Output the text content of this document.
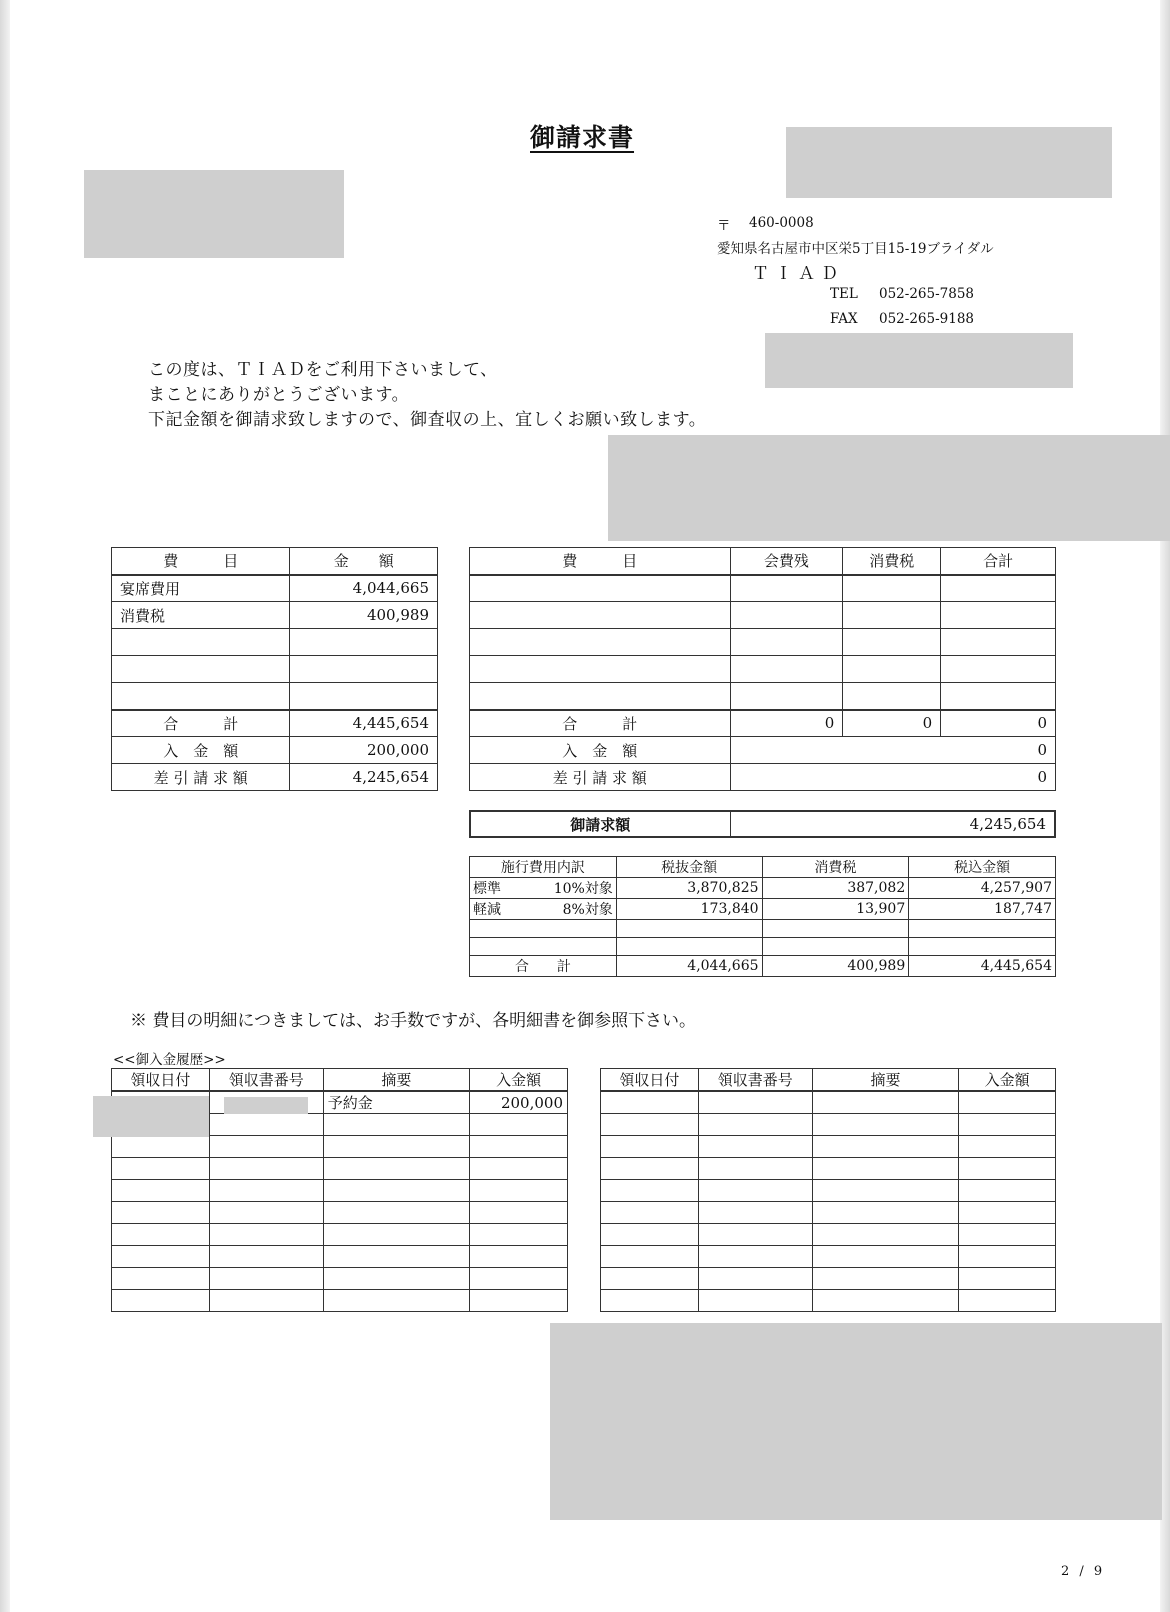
御請求書
〒 460-0008
愛知県名古屋市中区栄5丁目15-19ブライダル
ＴＩＡＤ
TEL 052-265-7858
FAX 052-265-9188
この度は、ＴＩＡＤをご利用下さいまして、
まことにありがとうございます。
下記金額を御請求致しますので、御査収の上、宜しくお願い致します。
費　　　目	金　　額
宴席費用	4,044,665
消費税	400,989

合　　　計	4,445,654
入　金　額	200,000
差 引 請 求 額	4,245,654
費　　　目	会費残	消費税	合計

合　　　計	0	0	0
入　金　額	0		
差 引 請 求 額	0		
御請求額	4,245,654
施行費用内訳	税抜金額	消費税	税込金額
標準 10%対象	3,870,825	387,082	4,257,907
軽減 8%対象	173,840	13,907	187,747

合　　計	4,044,665	400,989	4,445,654
※ 費目の明細につきましては、お手数ですが、各明細書を御参照下さい。
<<御入金履歴>>
領収日付	領収書番号	摘要	入金額
		予約金	200,000

領収日付	領収書番号	摘要	入金額

2 / 9
